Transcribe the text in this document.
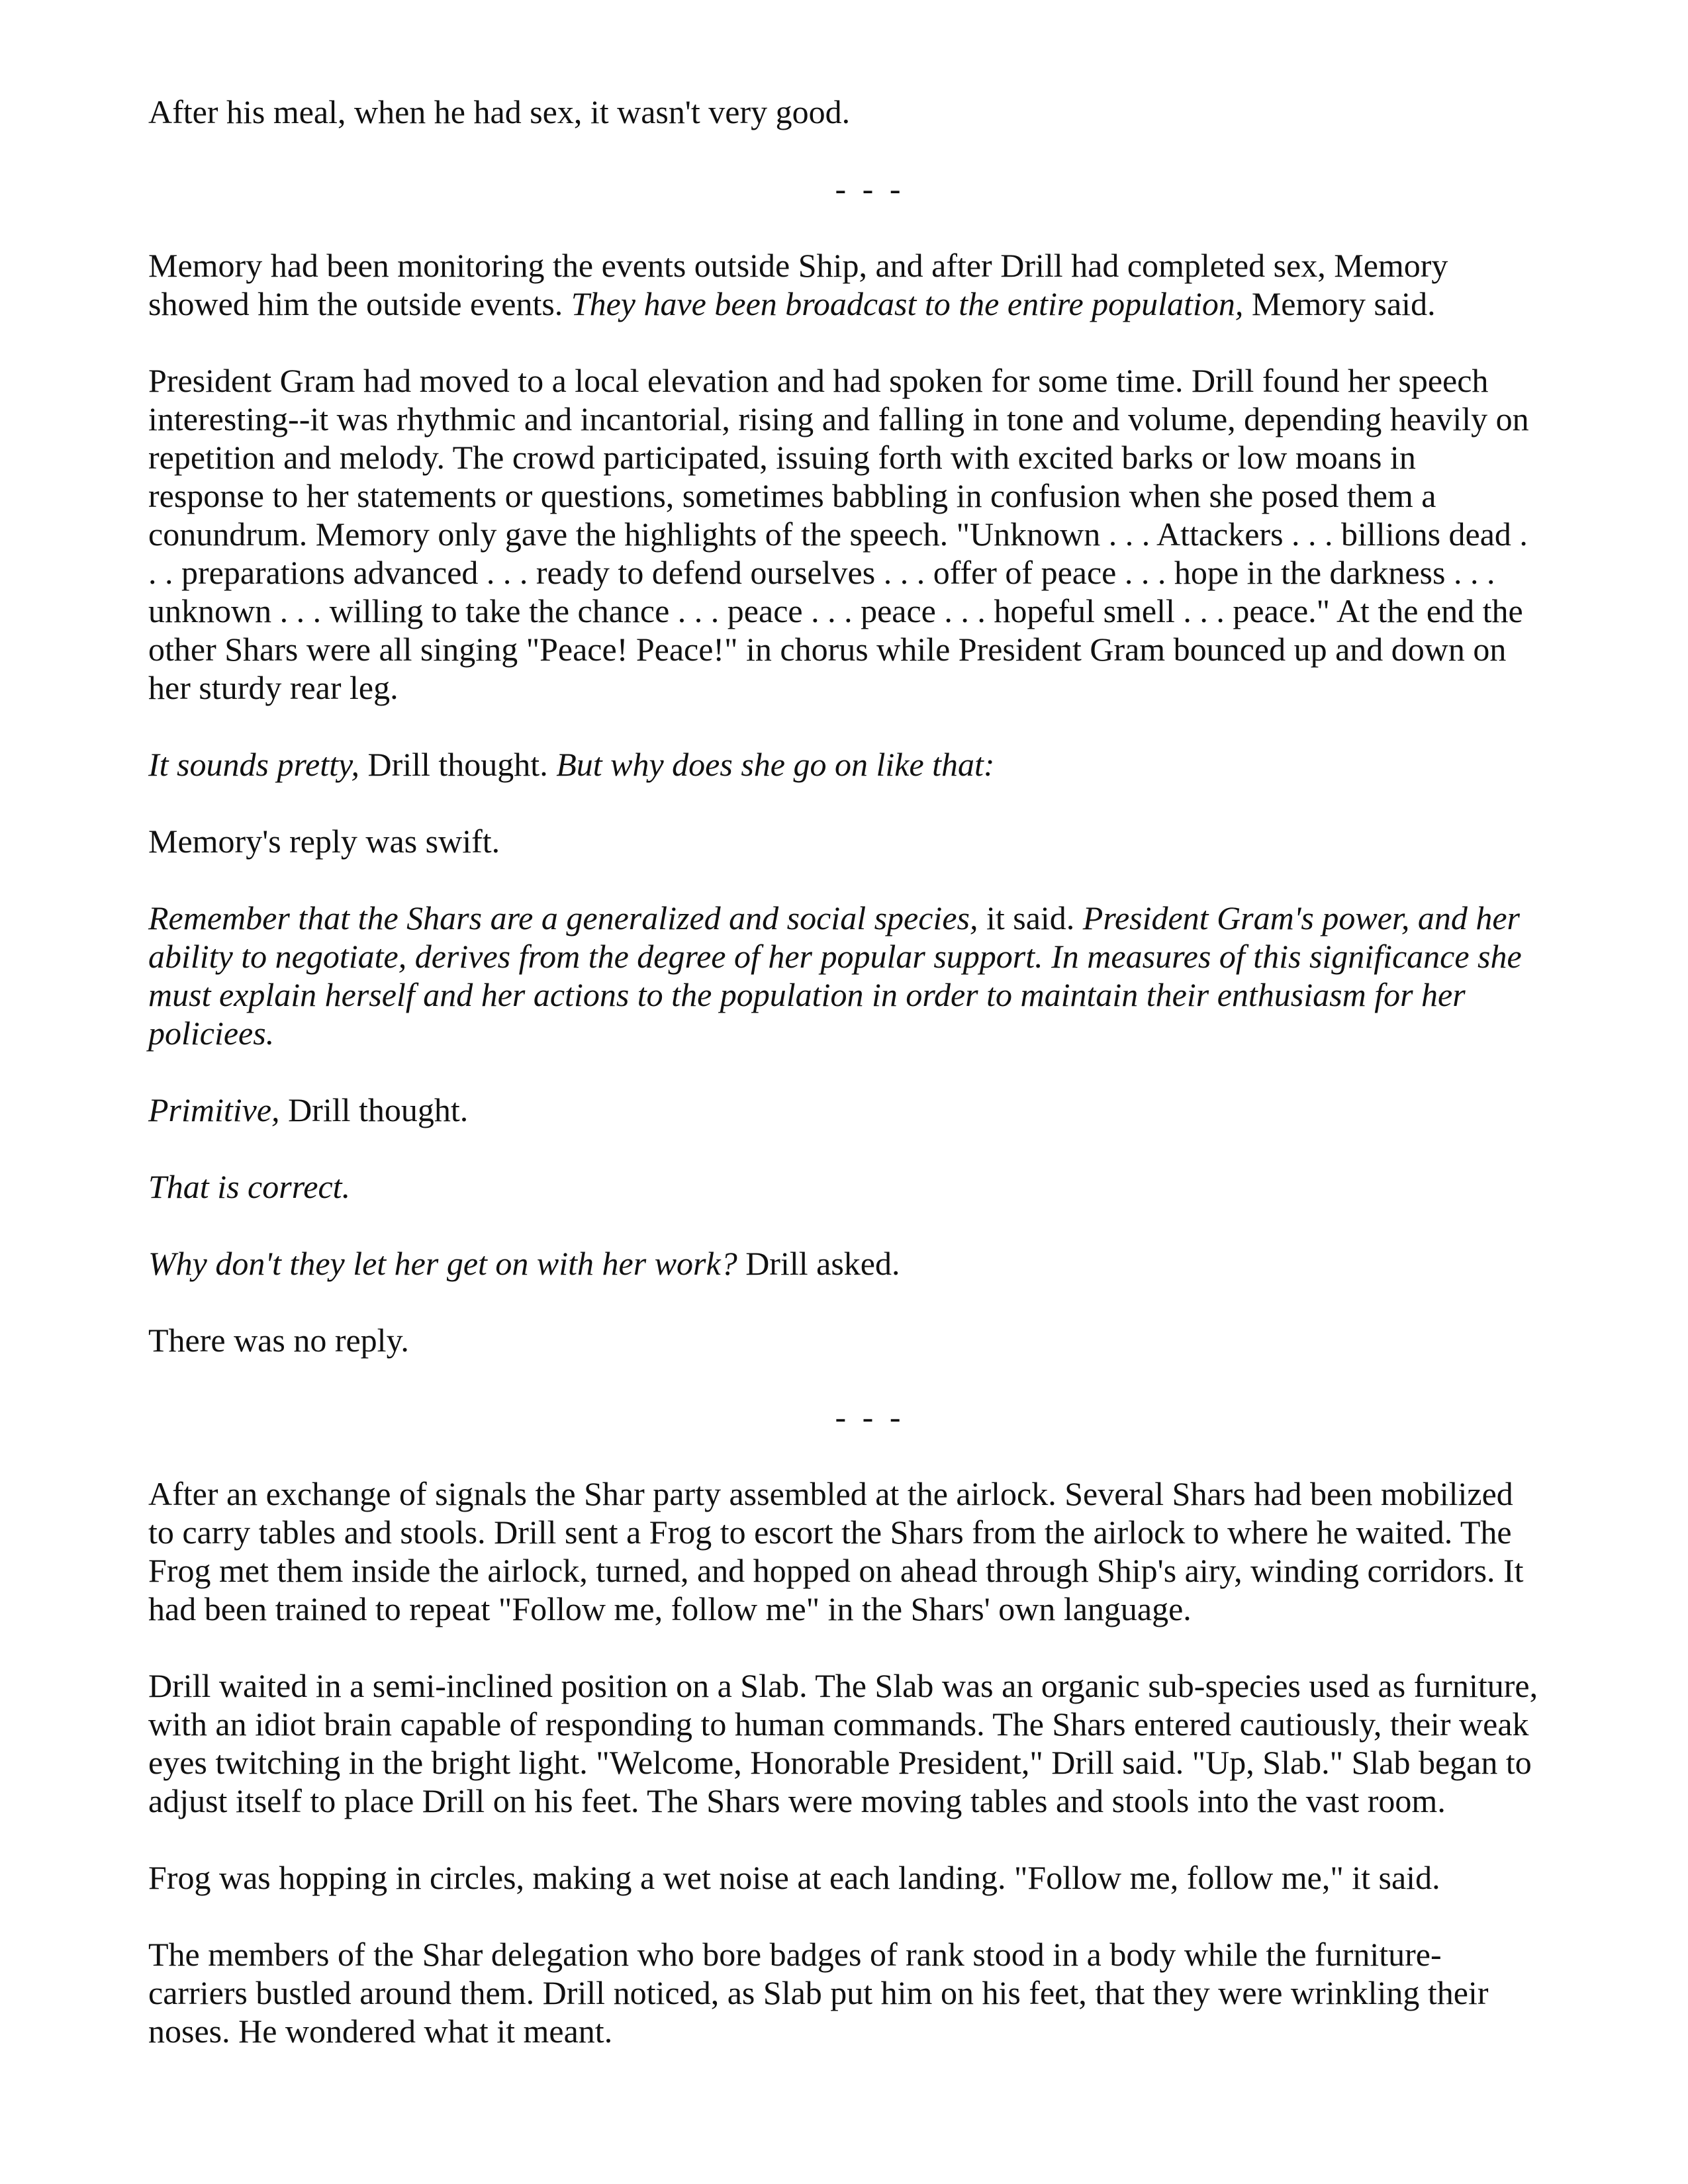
After his meal, when he had sex, it wasn't very good.

- - -

Memory had been monitoring the events outside Ship, and after Drill had completed sex, Memory showed him the outside events. They have been broadcast to the entire population, Memory said.

President Gram had moved to a local elevation and had spoken for some time. Drill found her speech interesting--it was rhythmic and incantorial, rising and falling in tone and volume, depending heavily on repetition and melody. The crowd participated, issuing forth with excited barks or low moans in response to her statements or questions, sometimes babbling in confusion when she posed them a conundrum. Memory only gave the highlights of the speech. "Unknown . . . Attackers . . . billions dead . . . preparations advanced . . . ready to defend ourselves . . . offer of peace . . . hope in the darkness . . . unknown . . . willing to take the chance . . . peace . . . peace . . . hopeful smell . . . peace." At the end the other Shars were all singing "Peace! Peace!" in chorus while President Gram bounced up and down on her sturdy rear leg.

It sounds pretty, Drill thought. But why does she go on like that:

Memory's reply was swift.

Remember that the Shars are a generalized and social species, it said. President Gram's power, and her ability to negotiate, derives from the degree of her popular support. In measures of this significance she must explain herself and her actions to the population in order to maintain their enthusiasm for her policiees.

Primitive, Drill thought.

That is correct.

Why don't they let her get on with her work? Drill asked.

There was no reply.

- - -

After an exchange of signals the Shar party assembled at the airlock. Several Shars had been mobilized to carry tables and stools. Drill sent a Frog to escort the Shars from the airlock to where he waited. The Frog met them inside the airlock, turned, and hopped on ahead through Ship's airy, winding corridors. It had been trained to repeat "Follow me, follow me" in the Shars' own language.

Drill waited in a semi-inclined position on a Slab. The Slab was an organic sub-species used as furniture, with an idiot brain capable of responding to human commands. The Shars entered cautiously, their weak eyes twitching in the bright light. "Welcome, Honorable President," Drill said. "Up, Slab." Slab began to adjust itself to place Drill on his feet. The Shars were moving tables and stools into the vast room.

Frog was hopping in circles, making a wet noise at each landing. "Follow me, follow me," it said.

The members of the Shar delegation who bore badges of rank stood in a body while the furniture-carriers bustled around them. Drill noticed, as Slab put him on his feet, that they were wrinkling their noses. He wondered what it meant.
